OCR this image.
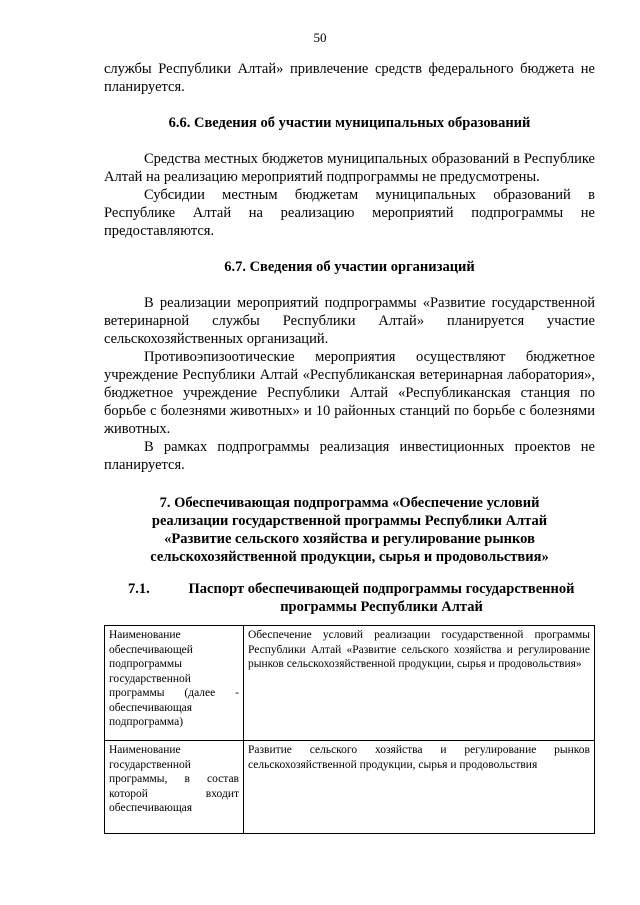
50

службы Республики Алтай» привлечение средств федерального бюджета не планируется.

6.6. Сведения об участии муниципальных образований

Средства местных бюджетов муниципальных образований в Республике Алтай на реализацию мероприятий подпрограммы не предусмотрены.

Субсидии местным бюджетам муниципальных образований в Республике Алтай на реализацию мероприятий подпрограммы не предоставляются.

6.7. Сведения об участии организаций

В реализации мероприятий подпрограммы «Развитие государственной ветеринарной службы Республики Алтай» планируется участие сельскохозяйственных организаций.

Противоэпизоотические мероприятия осуществляют бюджетное учреждение Республики Алтай «Республиканская ветеринарная лаборатория», бюджетное учреждение Республики Алтай «Республиканская станция по борьбе с болезнями животных» и 10 районных станций по борьбе с болезнями животных.

В рамках подпрограммы реализация инвестиционных проектов не планируется.

7. Обеспечивающая подпрограмма «Обеспечение условий
реализации государственной программы Республики Алтай
«Развитие сельского хозяйства и регулирование рынков
сельскохозяйственной продукции, сырья и продовольствия»
7.1.	Паспорт обеспечивающей подпрограммы государственной
программы Республики Алтай
Наименование обеспечивающей подпрограммы государственной программы (далее - обеспечивающая подпрограмма)	Обеспечение условий реализации государственной программы Республики Алтай «Развитие сельского хозяйства и регулирование рынков сельскохозяйственной продукции, сырья и продовольствия»
Наименование государственной программы, в состав которой входит обеспечивающая	Развитие сельского хозяйства и регулирование рынков сельскохозяйственной продукции, сырья и продовольствия
